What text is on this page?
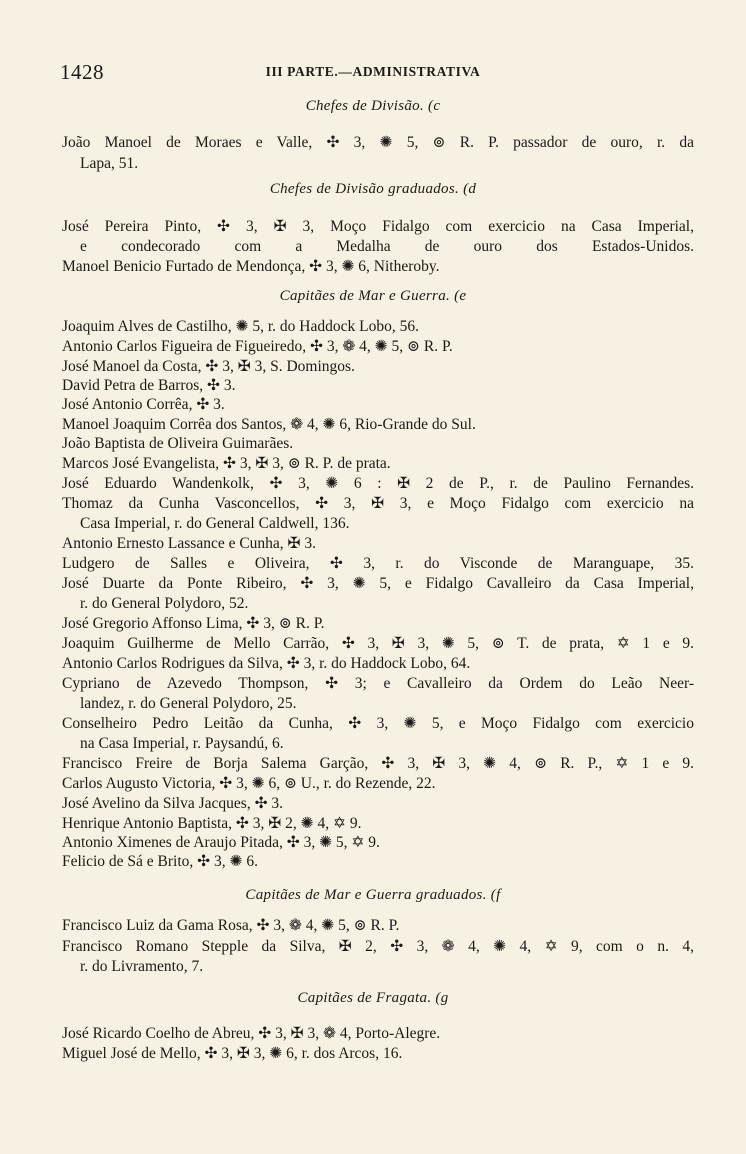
1428	III PARTE.—ADMINISTRATIVA
Chefes de Divisão. (c
João Manoel de Moraes e Valle, ✣ 3, ✺ 5, ⊚ R. P. passador de ouro, r. da
Lapa, 51.
Chefes de Divisão graduados. (d
José Pereira Pinto, ✣ 3, ✠ 3, Moço Fidalgo com exercicio na Casa Imperial,
e condecorado com a Medalha de ouro dos Estados-Unidos.
Manoel Benicio Furtado de Mendonça, ✣ 3, ✺ 6, Nitheroby.
Capitães de Mar e Guerra. (e
Joaquim Alves de Castilho, ✺ 5, r. do Haddock Lobo, 56.
Antonio Carlos Figueira de Figueiredo, ✣ 3, ❁ 4, ✺ 5, ⊚ R. P.
José Manoel da Costa, ✣ 3, ✠ 3, S. Domingos.
David Petra de Barros, ✣ 3.
José Antonio Corrêa, ✣ 3.
Manoel Joaquim Corrêa dos Santos, ❁ 4, ✺ 6, Rio-Grande do Sul.
João Baptista de Oliveira Guimarães.
Marcos José Evangelista, ✣ 3, ✠ 3, ⊚ R. P. de prata.
José Eduardo Wandenkolk, ✣ 3, ✺ 6 : ✠ 2 de P., r. de Paulino Fernandes.
Thomaz da Cunha Vasconcellos, ✣ 3, ✠ 3, e Moço Fidalgo com exercicio na
Casa Imperial, r. do General Caldwell, 136.
Antonio Ernesto Lassance e Cunha, ✠ 3.
Ludgero de Salles e Oliveira, ✣ 3, r. do Visconde de Maranguape, 35.
José Duarte da Ponte Ribeiro, ✣ 3, ✺ 5, e Fidalgo Cavalleiro da Casa Imperial,
r. do General Polydoro, 52.
José Gregorio Affonso Lima, ✣ 3, ⊚ R. P.
Joaquim Guilherme de Mello Carrão, ✣ 3, ✠ 3, ✺ 5, ⊚ T. de prata, ✡ 1 e 9.
Antonio Carlos Rodrigues da Silva, ✣ 3, r. do Haddock Lobo, 64.
Cypriano de Azevedo Thompson, ✣ 3; e Cavalleiro da Ordem do Leão Neer-
landez, r. do General Polydoro, 25.
Conselheiro Pedro Leitão da Cunha, ✣ 3, ✺ 5, e Moço Fidalgo com exercicio
na Casa Imperial, r. Paysandú, 6.
Francisco Freire de Borja Salema Garção, ✣ 3, ✠ 3, ✺ 4, ⊚ R. P., ✡ 1 e 9.
Carlos Augusto Victoria, ✣ 3, ✺ 6, ⊚ U., r. do Rezende, 22.
José Avelino da Silva Jacques, ✣ 3.
Henrique Antonio Baptista, ✣ 3, ✠ 2, ✺ 4, ✡ 9.
Antonio Ximenes de Araujo Pitada, ✣ 3, ✺ 5, ✡ 9.
Felicio de Sá e Brito, ✣ 3, ✺ 6.
Capitães de Mar e Guerra graduados. (f
Francisco Luiz da Gama Rosa, ✣ 3, ❁ 4, ✺ 5, ⊚ R. P.
Francisco Romano Stepple da Silva, ✠ 2, ✣ 3, ❁ 4, ✺ 4, ✡ 9, com o n. 4,
r. do Livramento, 7.
Capitães de Fragata. (g
José Ricardo Coelho de Abreu, ✣ 3, ✠ 3, ❁ 4, Porto-Alegre.
Miguel José de Mello, ✣ 3, ✠ 3, ✺ 6, r. dos Arcos, 16.
